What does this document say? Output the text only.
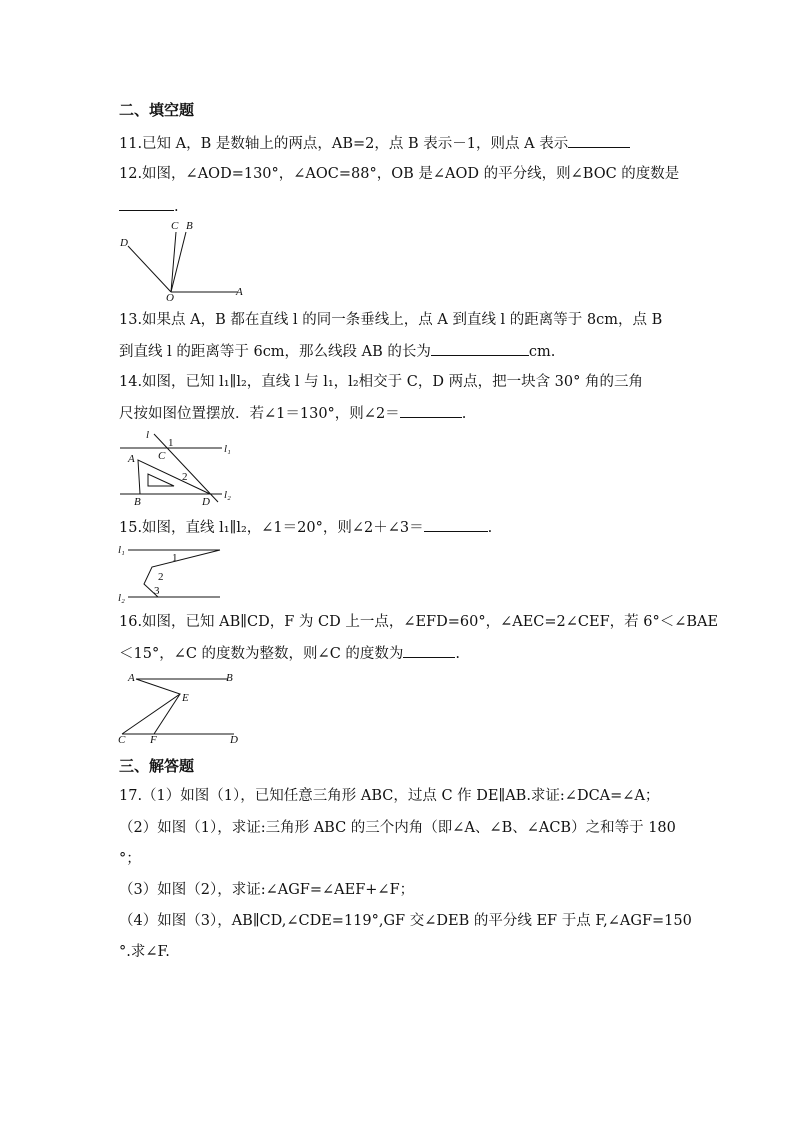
二、填空题
11.已知 A，B 是数轴上的两点，AB=2，点 B 表示－1，则点 A 表示
12.如图，∠AOD=130°，∠AOC=88°，OB 是∠AOD 的平分线，则∠BOC 的度数是
.
D
C B
O	A
13.如果点 A，B 都在直线 l 的同一条垂线上，点 A 到直线 l 的距离等于 8cm，点 B
到直线 l 的距离等于 6cm，那么线段 AB 的长为	cm.
14.如图，已知 l₁∥l₂，直线 l 与 l₁，l₂相交于 C，D 两点，把一块含 30° 角的三角
尺按如图位置摆放．若∠1＝130°，则∠2＝	.
l
1	l₁
A C
2
B	D
l₂
15.如图，直线 l₁∥l₂，∠1＝20°，则∠2＋∠3＝	.
l₁
1
2
3
l₂
16.如图，已知 AB∥CD，F 为 CD 上一点，∠EFD=60°，∠AEC=2∠CEF，若 6°＜∠BAE
＜15°，∠C 的度数为整数，则∠C 的度数为	.
A	B
E
C F	D
三、解答题
17.（1）如图（1），已知任意三角形 ABC，过点 C 作 DE∥AB.求证:∠DCA=∠A；
（2）如图（1），求证:三角形 ABC 的三个内角（即∠A、∠B、∠ACB）之和等于 180
°；
（3）如图（2），求证:∠AGF=∠AEF+∠F；
（4）如图（3），AB∥CD,∠CDE=119°,GF 交∠DEB 的平分线 EF 于点 F,∠AGF=150
°.求∠F.
